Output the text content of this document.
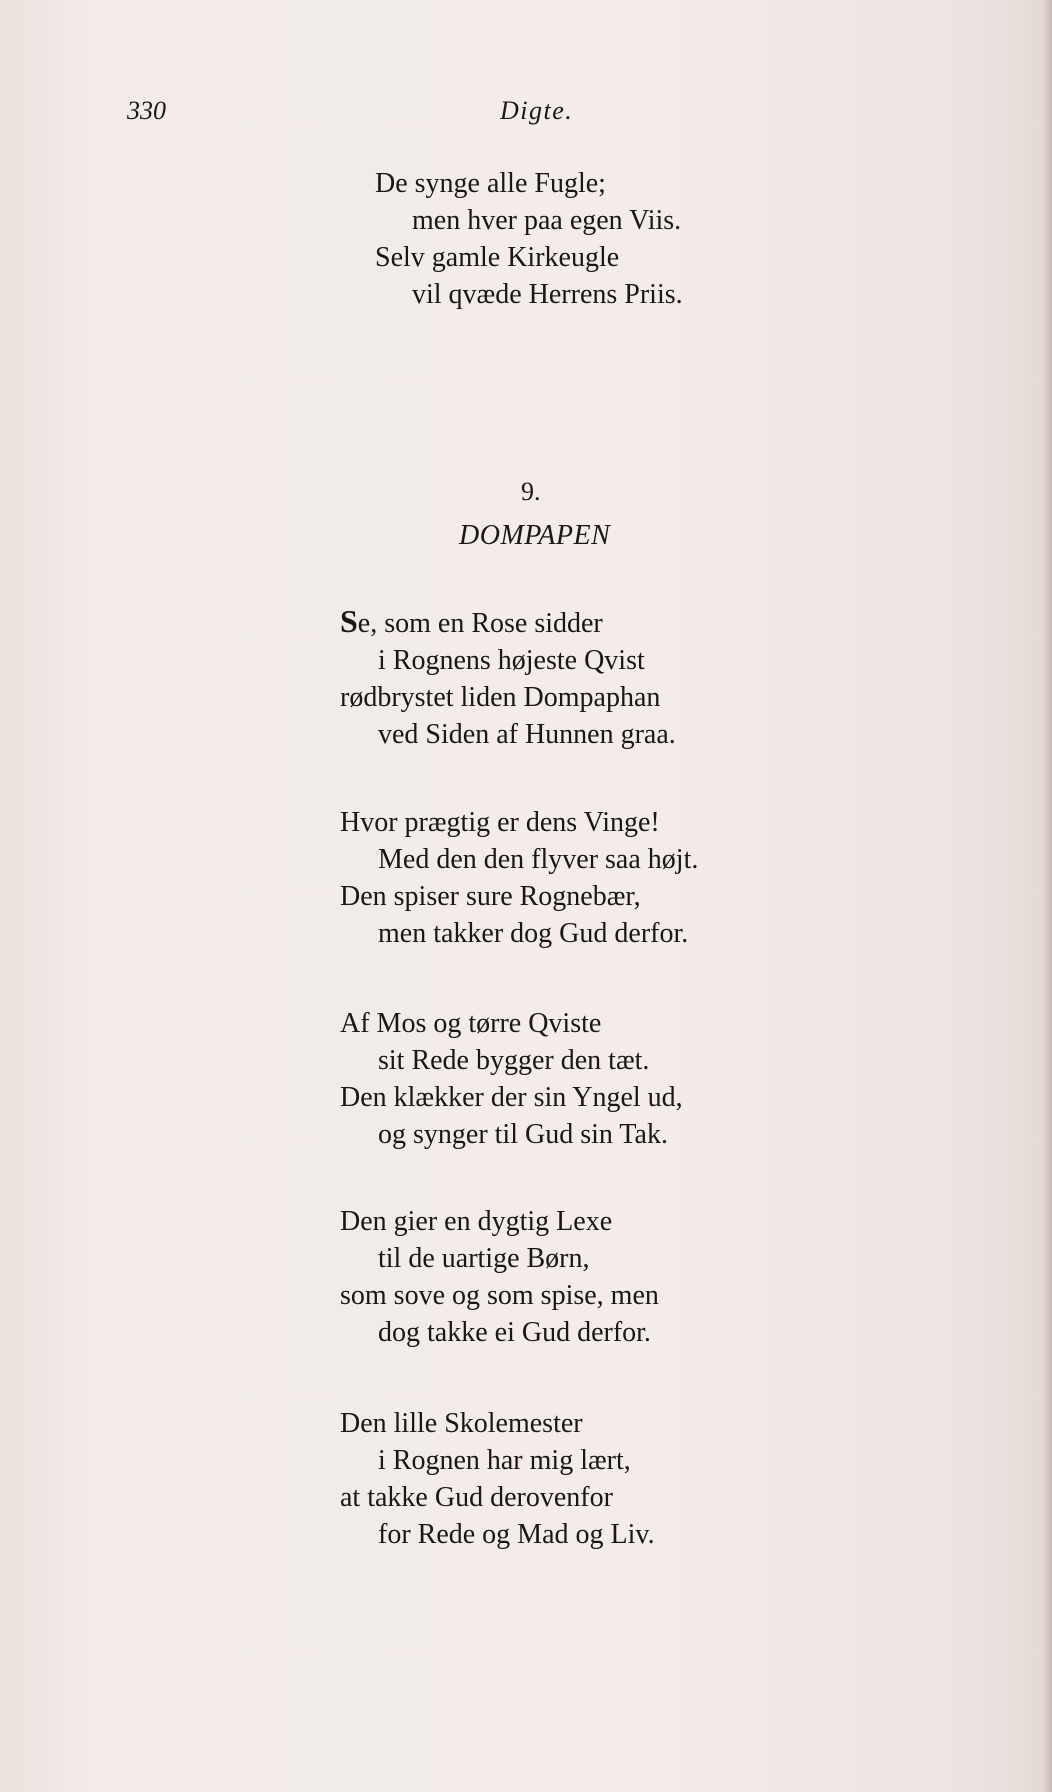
330	Digte.
De synge alle Fugle;
men hver paa egen Viis.
Selv gamle Kirkeugle
vil qvæde Herrens Priis.
9.
DOMPAPEN
Se, som en Rose sidder
i Rognens højeste Qvist
rødbrystet liden Dompaphan
ved Siden af Hunnen graa.
Hvor prægtig er dens Vinge!
Med den den flyver saa højt.
Den spiser sure Rognebær,
men takker dog Gud derfor.
Af Mos og tørre Qviste
sit Rede bygger den tæt.
Den klækker der sin Yngel ud,
og synger til Gud sin Tak.
Den gier en dygtig Lexe
til de uartige Børn,
som sove og som spise, men
dog takke ei Gud derfor.
Den lille Skolemester
i Rognen har mig lært,
at takke Gud derovenfor
for Rede og Mad og Liv.
